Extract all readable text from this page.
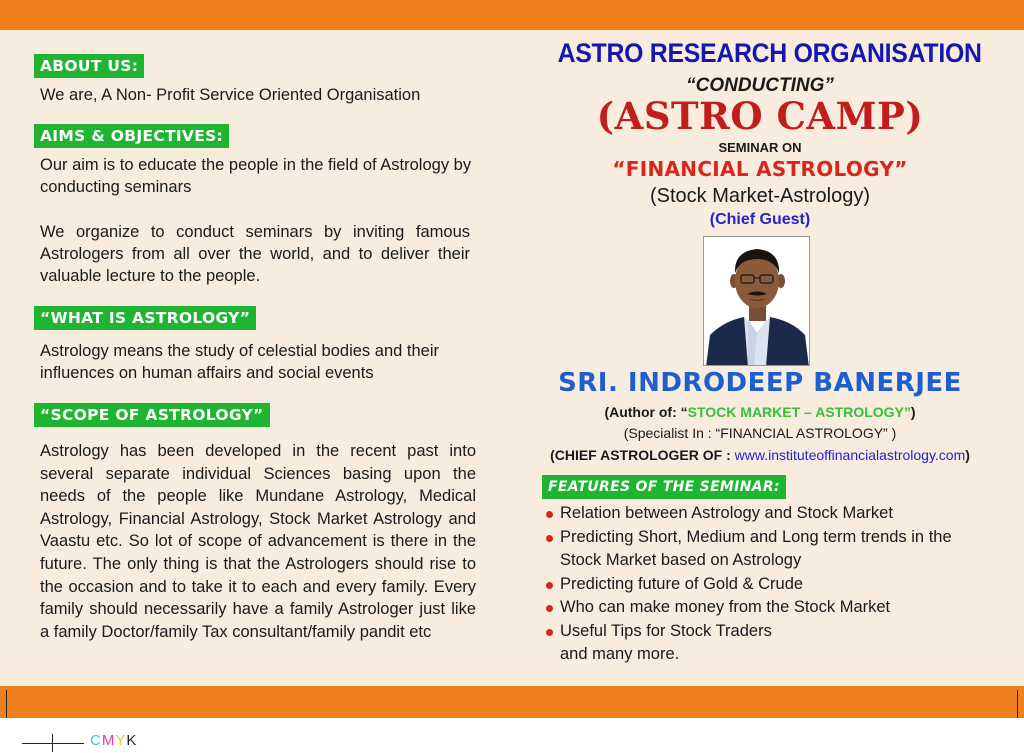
ABOUT US:
We are, A Non- Profit Service Oriented Organisation
AIMS & OBJECTIVES:
Our aim is to educate the people in the field of Astrology by conducting seminars
We organize to conduct seminars by inviting famous Astrologers from all over the world, and to deliver their valuable lecture to the people.
“WHAT IS ASTROLOGY”
Astrology means the study of celestial bodies and their influences on human affairs and social events
“SCOPE OF ASTROLOGY”
Astrology has been developed in the recent past into several separate individual Sciences basing upon the needs of the people like Mundane Astrology, Medical Astrology, Financial Astrology, Stock Market Astrology and Vaastu etc. So lot of scope of advancement is there in the future. The only thing is that the Astrologers should rise to the occasion and to take it to each and every family. Every family should necessarily have a family Astrologer just like a family Doctor/family Tax consultant/family pandit etc
ASTRO RESEARCH ORGANISATION
“CONDUCTING”
(ASTRO CAMP)
SEMINAR ON
“FINANCIAL ASTROLOGY”
(Stock Market-Astrology)
(Chief Guest)
SRI. INDRODEEP BANERJEE
(Author of: “STOCK MARKET – ASTROLOGY”)
(Specialist In : “FINANCIAL ASTROLOGY” )
(CHIEF ASTROLOGER OF : www.instituteoffinancialastrology.com)
FEATURES OF THE SEMINAR:
Relation between Astrology and Stock Market
Predicting Short, Medium and Long term trends in the Stock Market based on Astrology
Predicting future of Gold & Crude
Who can make money from the Stock Market
Useful Tips for Stock Traders
and many more.
CMYK
